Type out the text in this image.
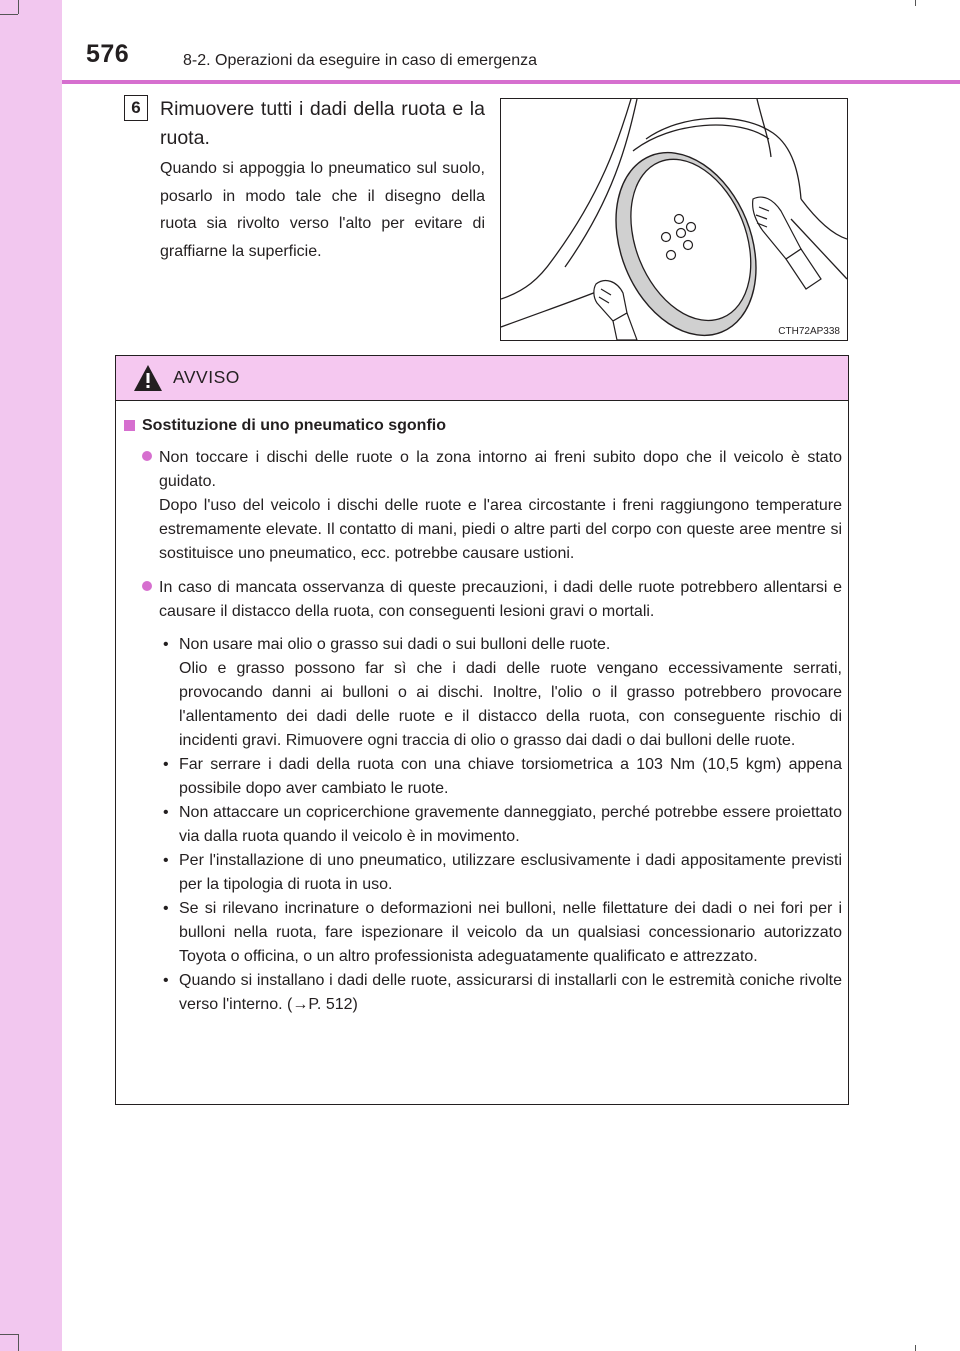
576	8-2. Operazioni da eseguire in caso di emergenza
6 Rimuovere tutti i dadi della ruota e la ruota.
Quando si appoggia lo pneumatico sul suolo, posarlo in modo tale che il disegno della ruota sia rivolto verso l'alto per evitare di graffiarne la superficie.
CTH72AP338
AVVISO
Sostituzione di uno pneumatico sgonfio

Non toccare i dischi delle ruote o la zona intorno ai freni subito dopo che il veicolo è stato guidato.

Dopo l'uso del veicolo i dischi delle ruote e l'area circostante i freni raggiungono temperature estremamente elevate. Il contatto di mani, piedi o altre parti del corpo con queste aree mentre si sostituisce uno pneumatico, ecc. potrebbe causare ustioni.

In caso di mancata osservanza di queste precauzioni, i dadi delle ruote potrebbero allentarsi e causare il distacco della ruota, con conseguenti lesioni gravi o mortali.

• Non usare mai olio o grasso sui dadi o sui bulloni delle ruote.

Olio e grasso possono far sì che i dadi delle ruote vengano eccessivamente serrati, provocando danni ai bulloni o ai dischi. Inoltre, l'olio o il grasso potrebbero provocare l'allentamento dei dadi delle ruote e il distacco della ruota, con conseguente rischio di incidenti gravi. Rimuovere ogni traccia di olio o grasso dai dadi o dai bulloni delle ruote.

• Far serrare i dadi della ruota con una chiave torsiometrica a 103 Nm (10,5 kgm) appena possibile dopo aver cambiato le ruote.

• Non attaccare un copricerchione gravemente danneggiato, perché potrebbe essere proiettato via dalla ruota quando il veicolo è in movimento.

• Per l'installazione di uno pneumatico, utilizzare esclusivamente i dadi appositamente previsti per la tipologia di ruota in uso.

• Se si rilevano incrinature o deformazioni nei bulloni, nelle filettature dei dadi o nei fori per i bulloni nella ruota, fare ispezionare il veicolo da un qualsiasi concessionario autorizzato Toyota o officina, o un altro professionista adeguatamente qualificato e attrezzato.

• Quando si installano i dadi delle ruote, assicurarsi di installarli con le estremità coniche rivolte verso l'interno. (→P. 512)
